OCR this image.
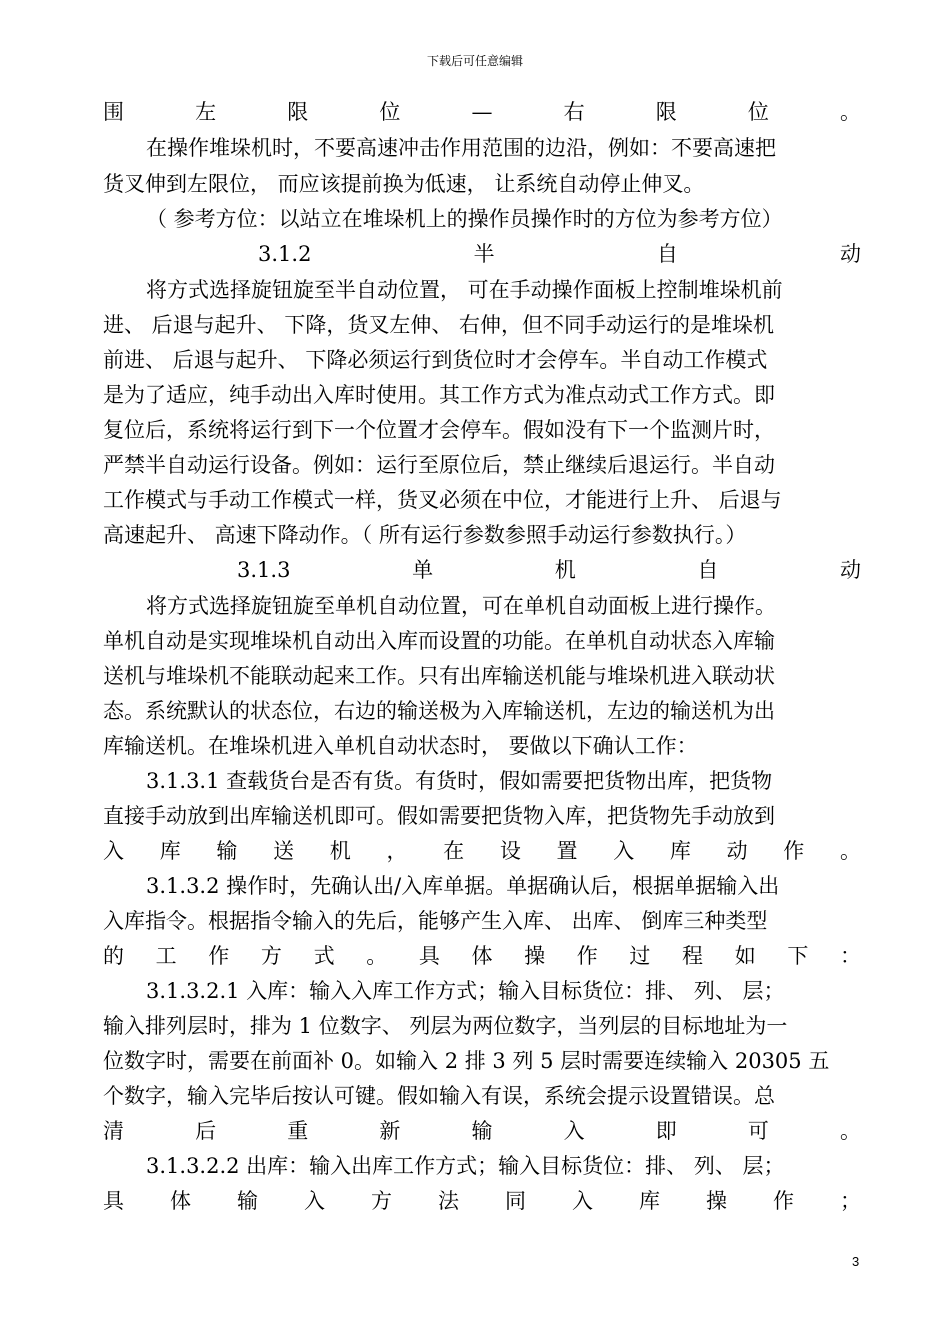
下载后可任意编辑
围	左	限	位	—	右	限	位	。
在操作堆垛机时，不要高速冲击作用范围的边沿，例如：不要高速把
货叉伸到左限位， 而应该提前换为低速， 让系统自动停止伸叉。
（ 参考方位：以站立在堆垛机上的操作员操作时的方位为参考方位）
3.1.2	半	自	动
将方式选择旋钮旋至半自动位置， 可在手动操作面板上控制堆垛机前
进、 后退与起升、 下降，货叉左伸、 右伸，但不同手动运行的是堆垛机
前进、 后退与起升、 下降必须运行到货位时才会停车。半自动工作模式
是为了适应，纯手动出入库时使用。其工作方式为准点动式工作方式。即
复位后，系统将运行到下一个位置才会停车。假如没有下一个监测片时，
严禁半自动运行设备。例如：运行至原位后，禁止继续后退运行。半自动
工作模式与手动工作模式一样，货叉必须在中位，才能进行上升、 后退与
高速起升、 高速下降动作。（ 所有运行参数参照手动运行参数执行。）
3.1.3	单	机	自	动
将方式选择旋钮旋至单机自动位置，可在单机自动面板上进行操作。
单机自动是实现堆垛机自动出入库而设置的功能。在单机自动状态入库输
送机与堆垛机不能联动起来工作。只有出库输送机能与堆垛机进入联动状
态。系统默认的状态位，右边的输送极为入库输送机，左边的输送机为出
库输送机。在堆垛机进入单机自动状态时， 要做以下确认工作：
3.1.3.1 查载货台是否有货。有货时，假如需要把货物出库，把货物
直接手动放到出库输送机即可。假如需要把货物入库，把货物先手动放到
入 库 输 送 机 ， 在 设 置 入 库 动 作 。
3.1.3.2 操作时，先确认出/入库单据。单据确认后，根据单据输入出
入库指令。根据指令输入的先后，能够产生入库、 出库、 倒库三种类型
的 工 作 方 式 。 具 体 操 作 过 程 如 下 ：
3.1.3.2.1 入库：输入入库工作方式；输入目标货位：排、 列、 层；
输入排列层时，排为 1 位数字、 列层为两位数字，当列层的目标地址为一
位数字时，需要在前面补 0。如输入 2 排 3 列 5 层时需要连续输入 20305 五
个数字，输入完毕后按认可键。假如输入有误，系统会提示设置错误。总
清	后	重	新	输	入	即	可	。
3.1.3.2.2 出库：输入出库工作方式；输入目标货位：排、 列、 层；
具 体 输 入 方 法 同 入 库 操 作 ；
3
